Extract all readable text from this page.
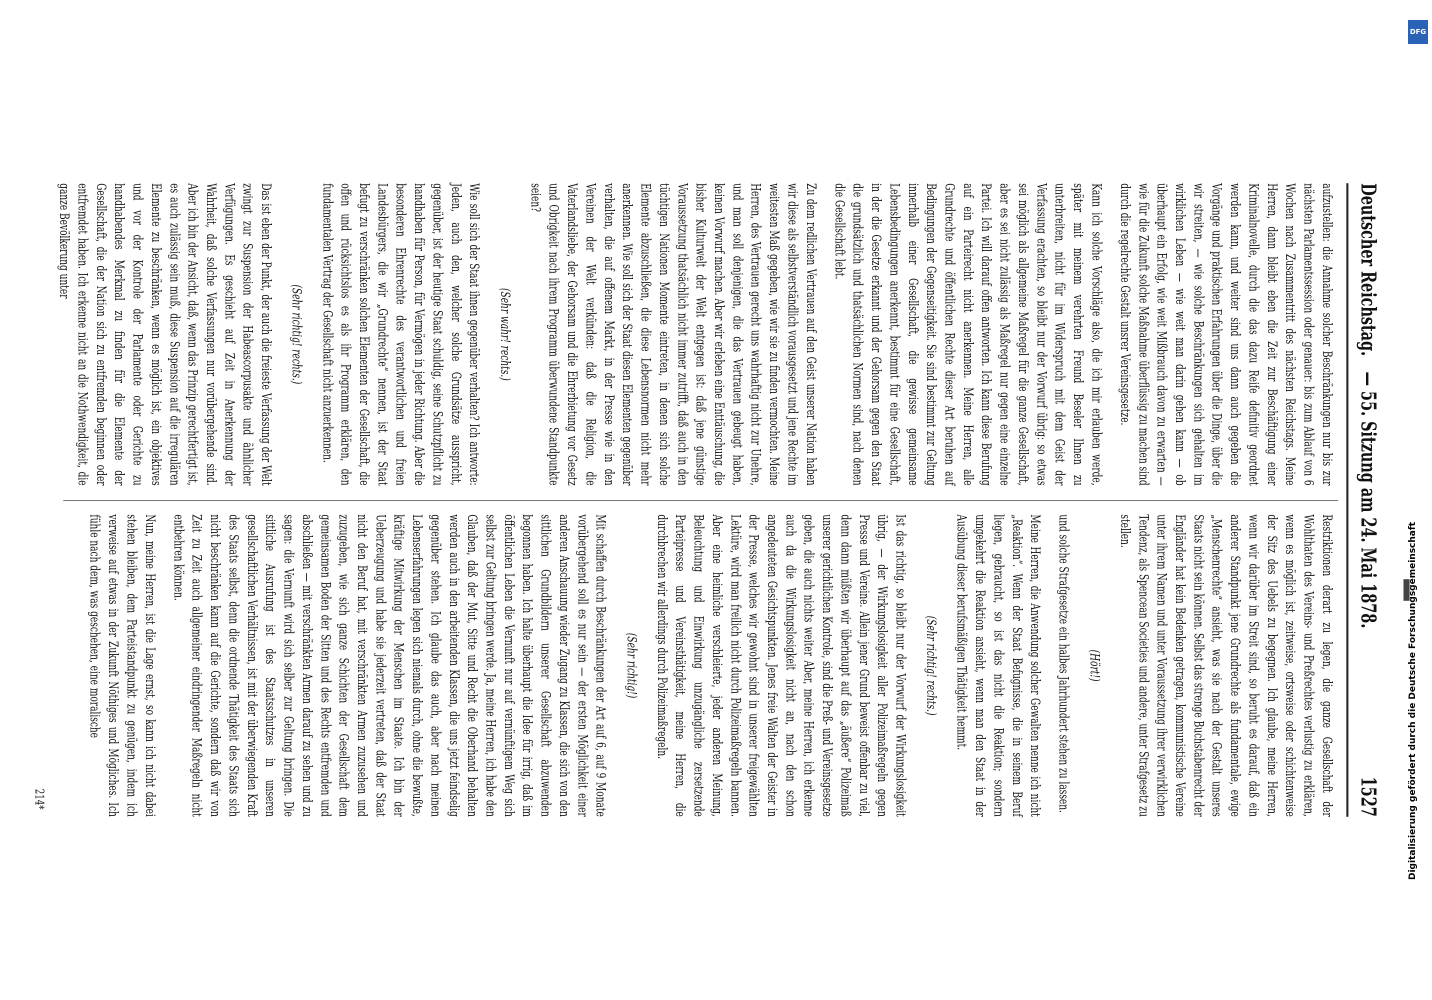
Deutscher Reichstag.
— 55. Sitzung am 24. Mai 1878.
1527

aufzustellen: die Annahme solcher Beschränkungen nur bis zur nächsten Parlamentssession oder genauer: bis zum Ablauf von 6 Wochen nach Zusammentritt des nächsten Reichstags. Meine Herren, dann bleibt eben die Zeit zur Beschäftigung einer Kriminalnovelle, durch die das dazu Reife definitiv geordnet werden kann, und weiter sind uns dann auch gegeben die Vorgänge und praktischen Erfahrungen über die Dinge, über die wir streiten, — wie solche Beschränkungen sich gehalten im wirklichen Leben — wie weit man darin gehen kann — ob überhaupt ein Erfolg, wie weit Mißbrauch davon zu erwarten — wie für die Zukunft solche Maßnahme überflüssig zu machen sind durch die regelrechte Gestalt unsrer Vereinsgesetze.

Kann ich solche Vorschläge also, die ich mir erlauben werde, später mit meinem verehrten Freund Beseler Ihnen zu unterbreiten, nicht für im Widerspruch mit dem Geist der Verfassung erachten, so bleibt nur der Vorwurf übrig: so etwas sei möglich als allgemeine Maßregel für die ganze Gesellschaft, aber es sei nicht zulässig als Maßregel nur gegen eine einzelne Partei. Ich will darauf offen antworten. Ich kann diese Berufung auf ein Parteirecht nicht anerkennen. Meine Herren, alle Grundrechte und öffentlichen Rechte dieser Art beruhen auf Bedingungen der Gegenseitigkeit. Sie sind bestimmt zur Geltung innerhalb einer Gesellschaft, die gewisse gemeinsame Lebensbedingungen anerkennt, bestimmt für eine Gesellschaft, in der die Gesetze erkannt und der Gehorsam gegen den Staat die grundsätzlich und thatsächlichen Normen sind, nach denen die Gesellschaft lebt.

Zu dem redlichen Vertrauen auf den Geist unserer Nation haben wir diese als selbstverständlich vorausgesetzt und jene Rechte im weitesten Maß gegeben, wie wir sie zu finden vermochten. Meine Herren, des Vertrauen gerecht uns wahrhaftig nicht zur Unehre, und man soll denjenigen, die das Vertrauen gebeugt haben, keinen Vorwurf machen. Aber wir erleben eine Enttäuschung, die bisher Kulturwelt der Welt entgegen ist: daß jene günstige Voraussetzung thatsächlich nicht immer zutrifft, daß auch in den tüchtigen Nationen Momente eintreten, in denen sich solche Elemente abzuschließen, die diese Lebensnormen nicht mehr anerkennen. Wie soll sich der Staat diesen Elementen gegenüber verhalten, die auf offenem Markt, in der Presse wie in den Vereinen der Welt verkünden: daß die Religion, die Vaterlandsliebe, der Gehorsam und die Ehrerbietung vor Gesetz und Obrigkeit nach ihrem Programm überwundene Standpunkte seien?

(Sehr wahr! rechts.)

Wie soll sich der Staat ihnen gegenüber verhalten? Ich antworte: Jeden, auch den, welcher solche Grundsätze ausspricht, gegenüber, ist der heutige Staat schuldig, seine Schutzpflicht zu handhaben für Person, für Vermögen in jeder Richtung. Aber die besonderen Ehrenrechte des verantwortlichen und freien Landesbürgers, die wir „Grundrechte“ nennen, ist der Staat befugt zu verschränken solchen Elementen der Gesellschaft, die offen und rücksichtslos es als ihr Programm erklären, den fundamentalen Vertrag der Gesellschaft nicht anzuerkennen.

(Sehr richtig! rechts.)

Das ist eben der Punkt, der auch die freieste Verfassung der Welt zwingt zur Suspension der Habeascorpusakte und ähnlicher Verfügungen. Es geschieht auf Zeit in Anerkennung der Wahrheit, daß solche Verfassungen nur vorübergehende sind. Aber ich bin der Ansicht, daß, wenn das Prinzip gerechtfertigt ist, es auch zulässig sein muß, diese Suspension auf die irregulären Elemente zu beschränken, wenn es möglich ist, ein objektives und vor der Kontrole der Parlamente oder Gerichte zu handhabendes Merkmal zu finden für die Elemente der Gesellschaft, die der Nation sich zu entfremden beginnen oder entfremdet haben. Ich erkenne nicht an die Nothwendigkeit, die ganze Bevölkerung unter

Restriktionen derart zu legen, die ganze Gesellschaft der Wohlthaten des Vereins- und Preßrechtes verlustig zu erklären, wenn es möglich ist, zeitweise, ortsweise oder schichtenweise der Sitz des Uebels zu begegnen. Ich glaube, meine Herren, wenn wir darüber im Streit sind, so beruht es darauf, daß ein anderer Standpunkt jene Grundrechte als fundamentale, ewige „Menschenrechte“ ansieht, was sie nach der Gestalt unseres Staats nicht sein können. Selbst das strenge Buchstabenrecht der Engländer hat kein Bedenken getragen, kommunistische Vereine unter ihrem Namen und unter Voraussetzung ihrer verwirklichen Tendenz, als Spencean Societies und andere, unter Strafgesetz zu stellen.

(Hört!)

und solche Strafgesetze ein halbes Jahrhundert stehen zu lassen.

Meine Herren, die Anwendung solcher Gewalten nenne ich nicht „Reaktion“. Wenn der Staat Befugnisse, die in seinem Beruf liegen, gebraucht, so ist das nicht die Reaktion; sondern umgekehrt die Reaktion ansieht, wenn man den Staat in der Ausübung dieser berufsmäßigen Thätigkeit hemmt.

(Sehr richtig! rechts.)

Ist das richtig, so bleibt nur der Vorwurf der Wirkungslosigkeit übrig, — der Wirkungslosigkeit aller Polizeimaßregeln gegen Presse und Vereine. Allein jener Grund beweist offenbar zu viel, denn dann müßten wir überhaupt auf das „äußere“ Polizeimaß unserer gerichtlichen Kontrole, sind die Preß- und Vereinsgesetze geben, die auch nichts weiter Aber, meine Herren, ich erkenne auch da die Wirkungslosigkeit nicht an, nach den schon angedeuteten Gesichtspunkten. Jenes freie Walten der Geister in der Presse, welches wir gewohnt sind in unserer freigewählten Lektüre, wird man freilich nicht durch Polizeimaßregeln bannen. Aber eine heimliche verschleierte, jeder anderen Meinung, Beleuchtung und Einwirkung unzugängliche zersetzende Parteipresse und Vereinsthätigkeit, meine Herren, die durchbrechen wir allerdings durch Polizeimaßregeln.

(Sehr richtig!)

Mit schaffen durch Beschränkungen der Art auf 6, auf 9 Monate vorübergehend soll es nur sein — der ersten Möglichkeit einer anderen Anschauung wieder Zugang zu Klassen, die sich von den sittlichen Grundbildern unserer Gesellschaft abzuwenden begonnen haben. Ich halte überhaupt die Idee für irrig, daß im öffentlichen Leben die Vernunft nur auf vernünftigem Weg sich selbst zur Geltung bringen werde. Ja, meine Herren, ich habe den Glauben, daß der Mut, Sitte und Recht die Oberhand behalten werden auch in den arbeitenden Klassen, die uns jetzt feindselig gegenüber stehen. Ich glaube das auch, aber nach meinen Lebenserfahrungen legen sich niemals durch, ohne die bewußte, kräftige Mitwirkung der Menschen im Staate. Ich bin der Ueberzeugung und habe sie jederzeit vertreten, daß der Staat nicht den Beruf hat, mit verschränkten Armen zuzusehen und zuzugeben, wie sich ganze Schichten der Gesellschaft dem gemeinsamen Boden der Sitten und des Rechts entfremden und abschließen — mit verschränkten Armen darauf zu sehen und zu sagen: die Vernunft wird sich selber zur Geltung bringen. Die sittliche Ausrufung ist des Staatsschutzes in unseren gesellschaftlichen Verhältnissen, ist mit der überwiegenden Kraft des Staats selbst, denn die ordnende Thätigkeit des Staats sich nicht beschränken kann auf die Gerichte, sondern daß wir von Zeit zu Zeit auch allgemeiner eindringender Maßregeln nicht entbehren können.

Nun, meine Herren, ist die Lage ernst, so kann ich nicht dabei stehen bleiben, dem Parteistandpunkt zu genügen, indem ich verweise auf etwas in der Zukunft Nöthiges und Mögliches. Ich fühle nach dem, was geschehen, eine moralische

214*
DFG
Digitalisierung gefördert durch die Deutsche Forschungsgemeinschaft
